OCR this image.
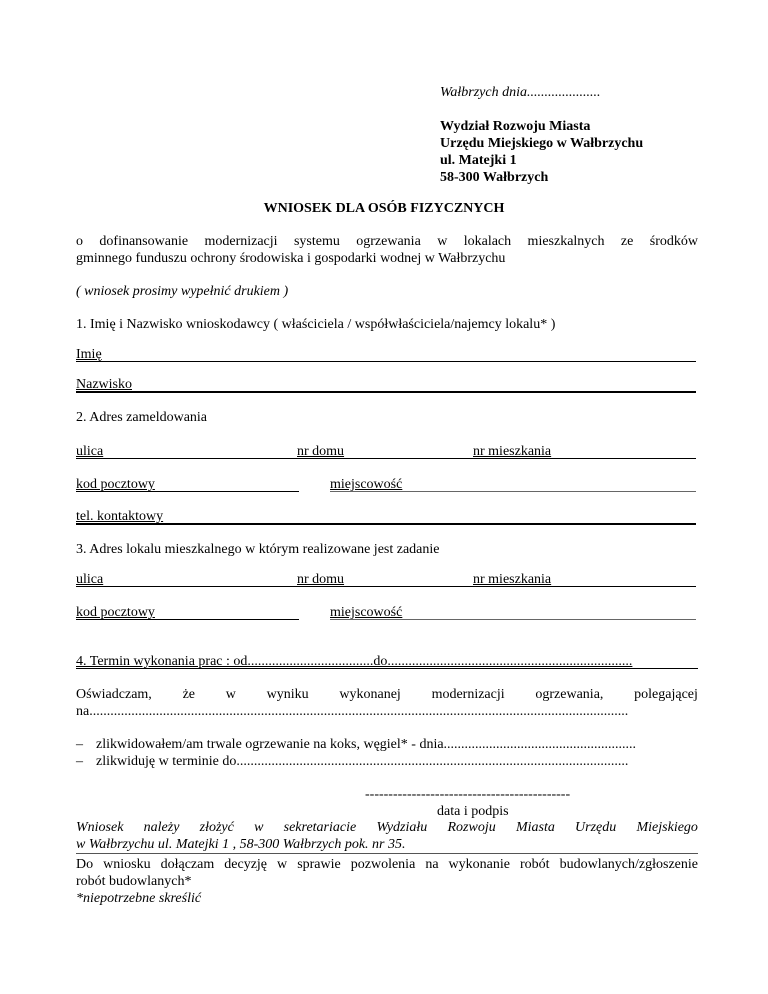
Wałbrzych dnia.....................
Wydział Rozwoju Miasta
Urzędu Miejskiego w Wałbrzychu
ul. Matejki 1
58-300 Wałbrzych
WNIOSEK DLA OSÓB FIZYCZNYCH
o dofinansowanie modernizacji systemu ogrzewania w lokalach mieszkalnych ze środków
gminnego funduszu ochrony środowiska i gospodarki wodnej w Wałbrzychu
( wniosek prosimy wypełnić drukiem )
1. Imię i Nazwisko wnioskodawcy ( właściciela / współwłaściciela/najemcy lokalu* )
Imię
Nazwisko
2. Adres zameldowania
ulica	nr domu	nr mieszkania
kod pocztowy	miejscowość
tel. kontaktowy
3. Adres lokalu mieszkalnego w którym realizowane jest zadanie
ulica	nr domu	nr mieszkania
kod pocztowy	miejscowość
4. Termin wykonania prac : od....................................do......................................................................
Oświadczam, że w wyniku wykonanej modernizacji ogrzewania, polegającej
na..........................................................................................................................................................
– zlikwidowałem/am trwale ogrzewanie na koks, węgiel* - dnia.......................................................
– zlikwiduję w terminie do................................................................................................................
--------------------------------------------
data i podpis
Wniosek należy złożyć w sekretariacie Wydziału Rozwoju Miasta Urzędu Miejskiego
w Wałbrzychu ul. Matejki 1 , 58-300 Wałbrzych pok. nr 35.
Do wniosku dołączam decyzję w sprawie pozwolenia na wykonanie robót budowlanych/zgłoszenie
robót budowlanych*
*niepotrzebne skreślić
